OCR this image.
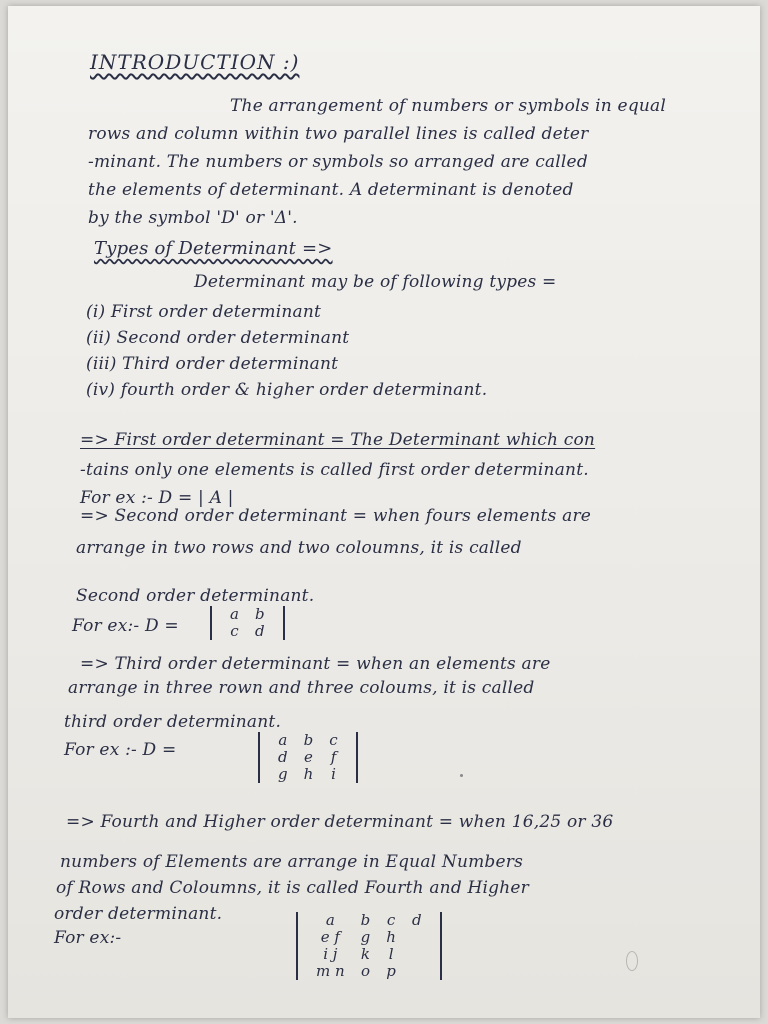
INTRODUCTION :)
The arrangement of numbers or symbols in equal
rows and column within two parallel lines is called deter
-minant. The numbers or symbols so arranged are called
the elements of determinant. A determinant is denoted
by the symbol 'D' or 'Δ'.
Types of Determinant =>
Determinant may be of following types =
(i) First order determinant
(ii) Second order determinant
(iii) Third order determinant
(iv) fourth order & higher order determinant.
=> First order determinant = The Determinant which con
-tains only one elements is called first order determinant.
For ex :- D = | A |
=> Second order determinant = when fours elements are
arrange in two rows and two coloumns, it is called
Second order determinant.
For ex:- D =
a	b
c	d
=> Third order determinant = when an elements are
arrange in three rown and three coloums, it is called
third order determinant.
For ex :- D =	a	b	c
d	e	f
g	h	i
=> Fourth and Higher order determinant = when 16,25 or 36
numbers of Elements are arrange in Equal Numbers
of Rows and Coloumns, it is called Fourth and Higher
order determinant.
For ex:-
a	b	c	d
e f	g	h	
i j	k	l	
m n	o	p	
